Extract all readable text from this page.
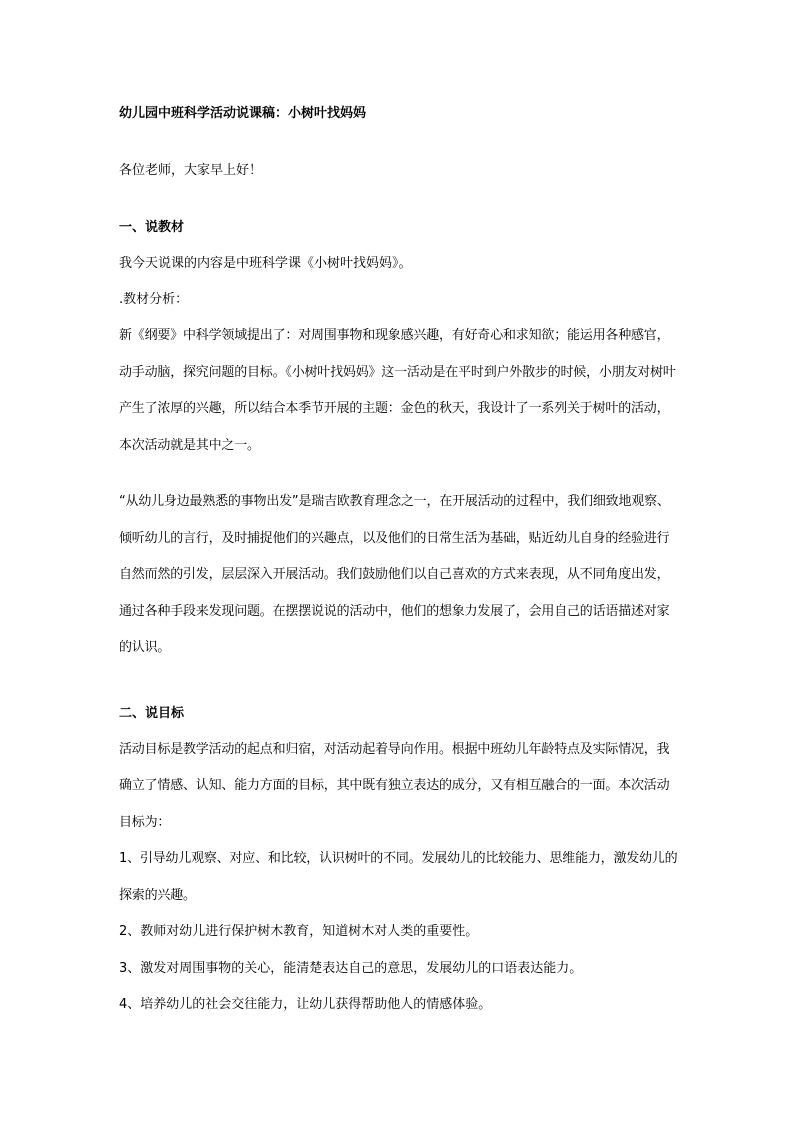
幼儿园中班科学活动说课稿：小树叶找妈妈

各位老师，大家早上好！

一、说教材

我今天说课的内容是中班科学课《小树叶找妈妈》。

.教材分析：

新《纲要》中科学领域提出了：对周围事物和现象感兴趣，有好奇心和求知欲；能运用各种感官，动手动脑，探究问题的目标。《小树叶找妈妈》这一活动是在平时到户外散步的时候，小朋友对树叶产生了浓厚的兴趣，所以结合本季节开展的主题：金色的秋天，我设计了一系列关于树叶的活动，本次活动就是其中之一。

“从幼儿身边最熟悉的事物出发”是瑞吉欧教育理念之一，在开展活动的过程中，我们细致地观察、倾听幼儿的言行，及时捕捉他们的兴趣点，以及他们的日常生活为基础，贴近幼儿自身的经验进行自然而然的引发，层层深入开展活动。我们鼓励他们以自己喜欢的方式来表现，从不同角度出发，通过各种手段来发现问题。在摆摆说说的活动中，他们的想象力发展了，会用自己的话语描述对家的认识。

二、说目标

活动目标是教学活动的起点和归宿，对活动起着导向作用。根据中班幼儿年龄特点及实际情况，我确立了情感、认知、能力方面的目标，其中既有独立表达的成分，又有相互融合的一面。本次活动目标为：

1、引导幼儿观察、对应、和比较，认识树叶的不同。发展幼儿的比较能力、思维能力，激发幼儿的探索的兴趣。

2、教师对幼儿进行保护树木教育，知道树木对人类的重要性。

3、激发对周围事物的关心，能清楚表达自己的意思，发展幼儿的口语表达能力。

4、培养幼儿的社会交往能力，让幼儿获得帮助他人的情感体验。
